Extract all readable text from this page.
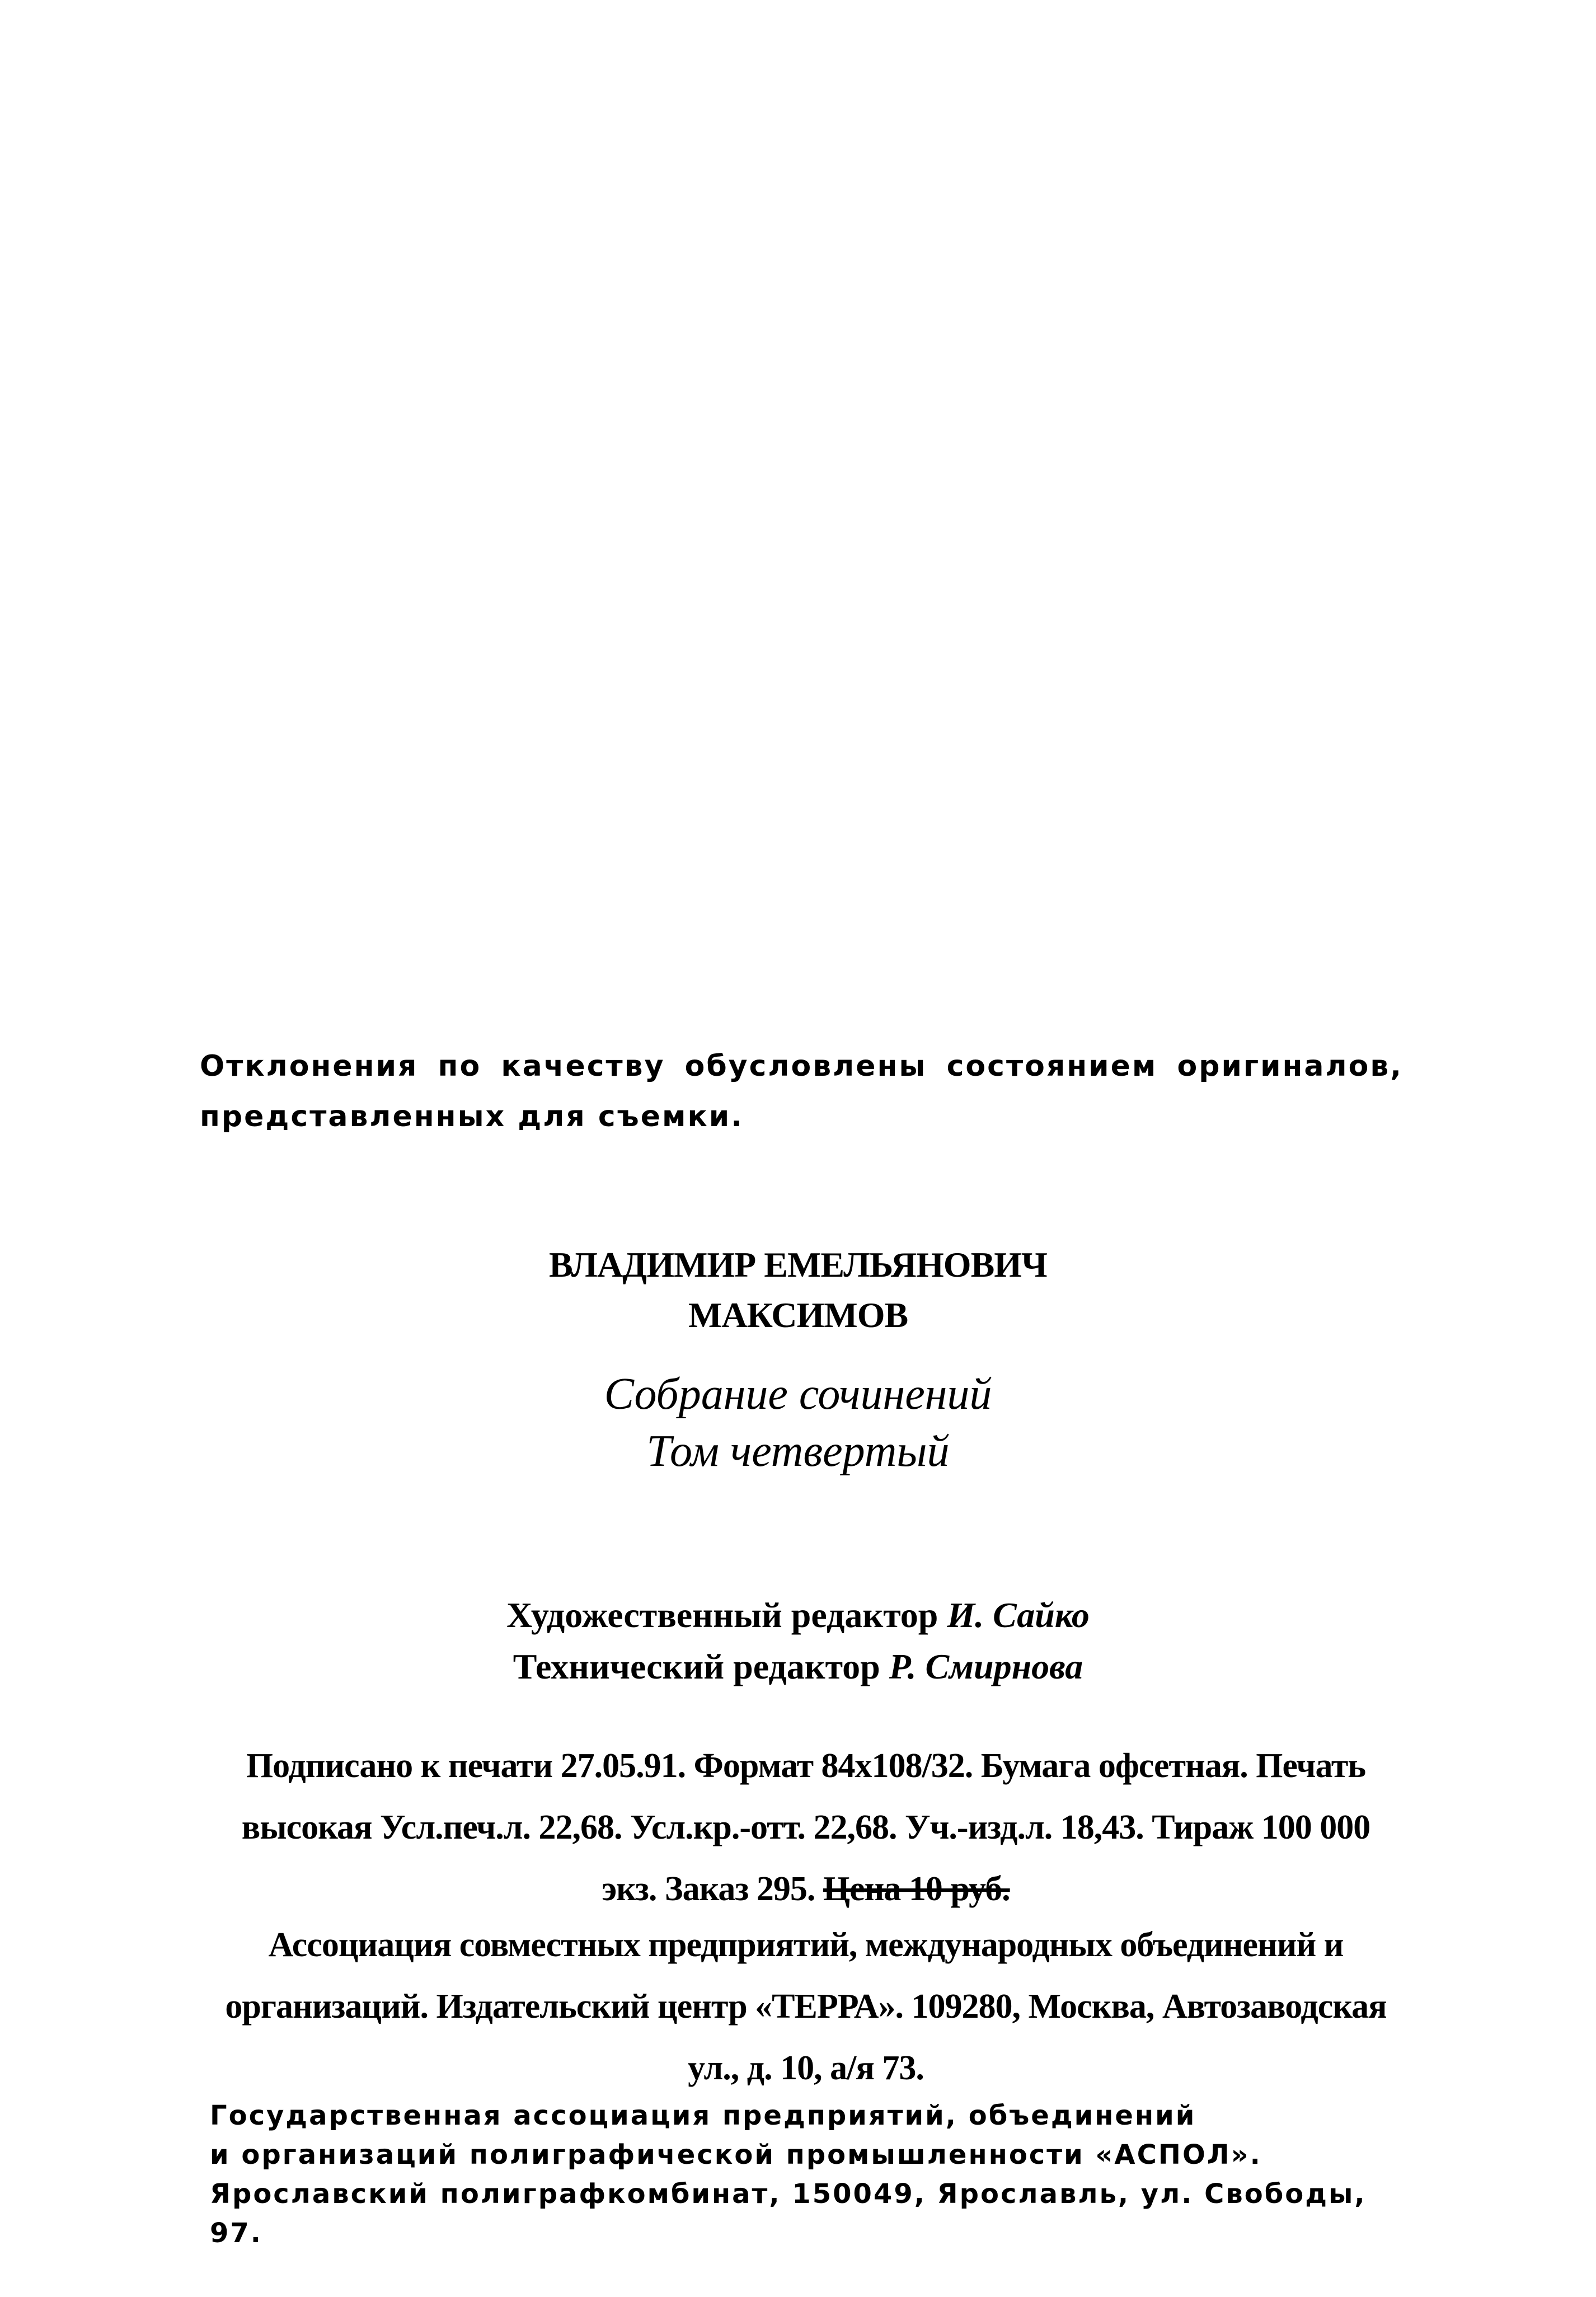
Отклонения по качеству обусловлены состоянием оригиналов, представленных для съемки.
ВЛАДИМИР ЕМЕЛЬЯНОВИЧ
МАКСИМОВ
Собрание сочинений
Том четвертый
Художественный редактор И. Сайко
Технический редактор Р. Смирнова
Подписано к печати 27.05.91. Формат 84х108/32. Бумага офсетная. Печать
высокая Усл.печ.л. 22,68. Усл.кр.-отт. 22,68. Уч.-изд.л. 18,43. Тираж 100 000
экз. Заказ 295. Цена 10 руб.
Ассоциация совместных предприятий, международных объединений и
организаций. Издательский центр «ТЕРРА». 109280, Москва, Автозаводская
ул., д. 10, а/я 73.
Государственная ассоциация предприятий, объединений
и организаций полиграфической промышленности «АСПОЛ».
Ярославский полиграфкомбинат, 150049, Ярославль, ул. Свободы, 97.
